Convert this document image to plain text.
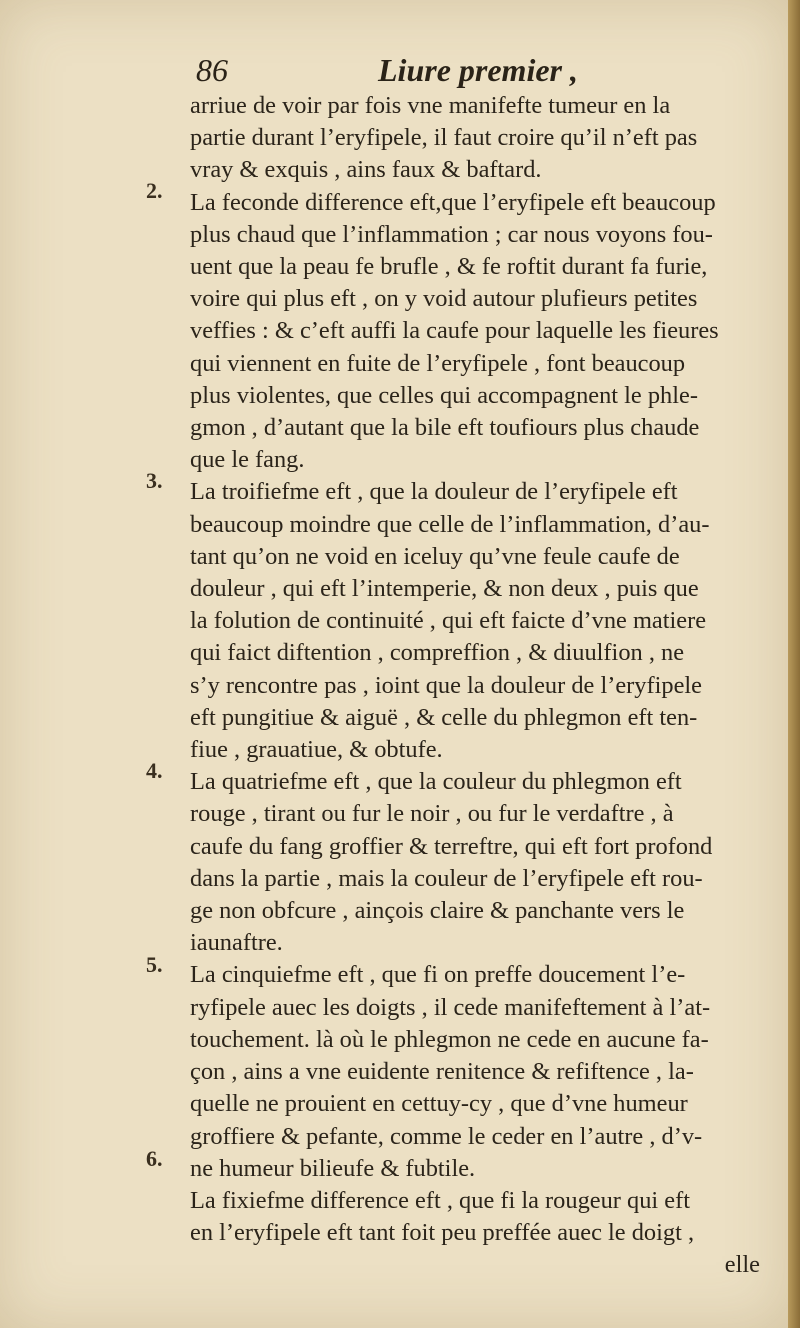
86	Liure premier ,
2.
3.
4.
5.
6.
arriue de voir par fois vne manifefte tumeur en la
partie durant l’eryfipele, il faut croire qu’il n’eft pas
vray & exquis , ains faux & baftard.
La feconde difference eft,que l’eryfipele eft beaucoup
plus chaud que l’inflammation ; car nous voyons fou-
uent que la peau fe brufle , & fe roftit durant fa furie,
voire qui plus eft , on y void autour plufieurs petites
veffies : & c’eft auffi la caufe pour laquelle les fieures
qui viennent en fuite de l’eryfipele , font beaucoup
plus violentes, que celles qui accompagnent le phle-
gmon , d’autant que la bile eft toufiours plus chaude
que le fang.
La troifiefme eft , que la douleur de l’eryfipele eft
beaucoup moindre que celle de l’inflammation, d’au-
tant qu’on ne void en iceluy qu’vne feule caufe de
douleur , qui eft l’intemperie, & non deux , puis que
la folution de continuité , qui eft faicte d’vne matiere
qui faict diftention , compreffion , & diuulfion , ne
s’y rencontre pas , ioint que la douleur de l’eryfipele
eft pungitiue & aiguë , & celle du phlegmon eft ten-
fiue , grauatiue, & obtufe.
La quatriefme eft , que la couleur du phlegmon eft
rouge , tirant ou fur le noir , ou fur le verdaftre , à
caufe du fang groffier & terreftre, qui eft fort profond
dans la partie , mais la couleur de l’eryfipele eft rou-
ge non obfcure , ainçois claire & panchante vers le
iaunaftre.
La cinquiefme eft , que fi on preffe doucement l’e-
ryfipele auec les doigts , il cede manifeftement à l’at-
touchement. là où le phlegmon ne cede en aucune fa-
çon , ains a vne euidente renitence & refiftence , la-
quelle ne prouient en cettuy-cy , que d’vne humeur
groffiere & pefante, comme le ceder en l’autre , d’v-
ne humeur bilieufe & fubtile.
La fixiefme difference eft , que fi la rougeur qui eft
en l’eryfipele eft tant foit peu preffée auec le doigt ,
elle
